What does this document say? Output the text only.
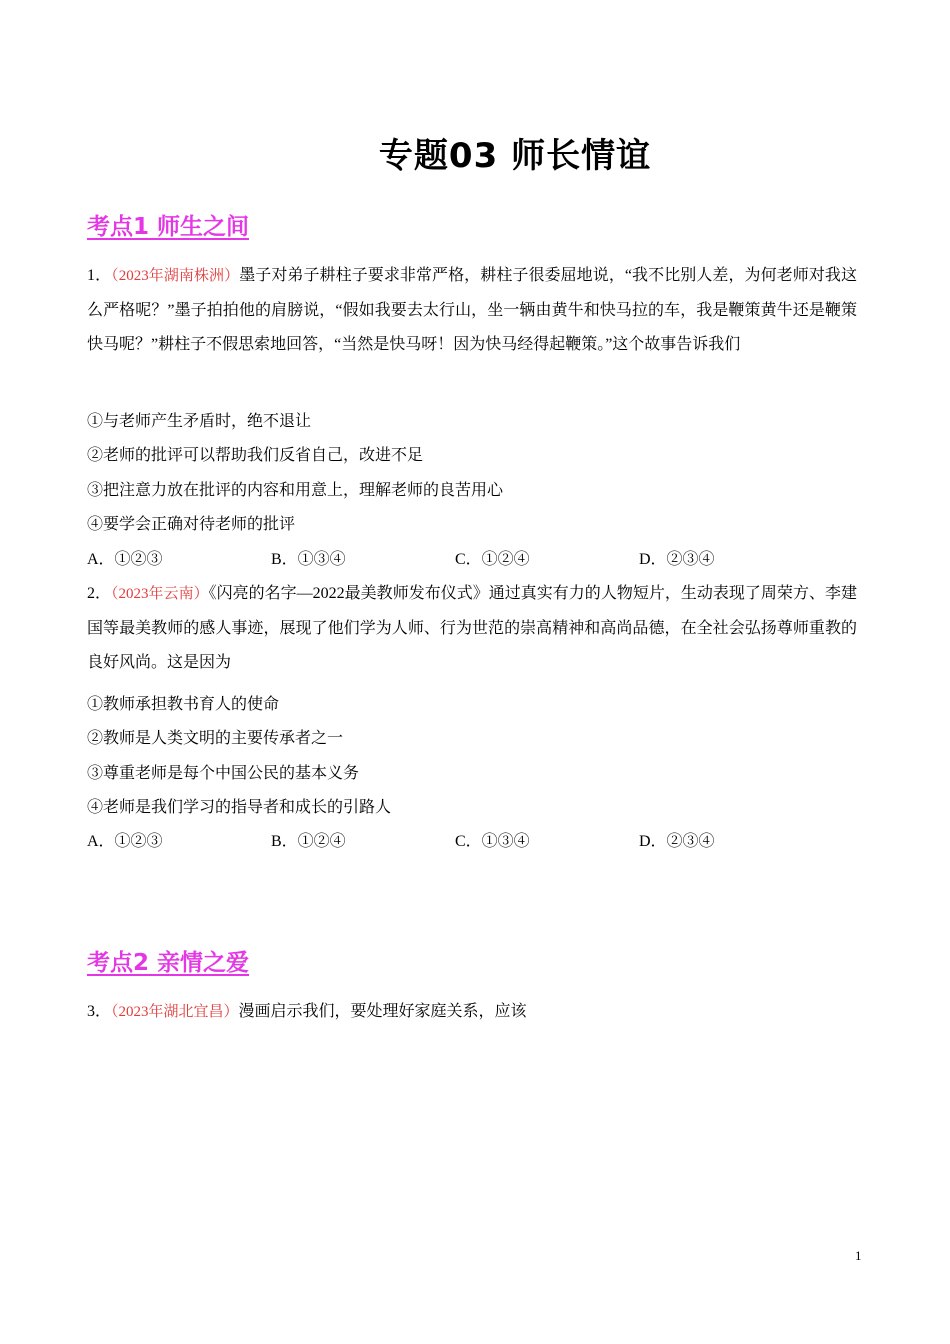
专题03 师长情谊
考点1 师生之间

1．（2023年湖南株洲）墨子对弟子耕柱子要求非常严格，耕柱子很委屈地说，“我不比别人差，为何老师对我这么严格呢？”墨子拍拍他的肩膀说，“假如我要去太行山，坐一辆由黄牛和快马拉的车，我是鞭策黄牛还是鞭策快马呢？”耕柱子不假思索地回答，“当然是快马呀！因为快马经得起鞭策。”这个故事告诉我们

①与老师产生矛盾时，绝不退让

②老师的批评可以帮助我们反省自己，改进不足

③把注意力放在批评的内容和用意上，理解老师的良苦用心

④要学会正确对待老师的批评

A．①②③	B．①③④	C．①②④	D．②③④

2．（2023年云南）《闪亮的名字—2022最美教师发布仪式》通过真实有力的人物短片，生动表现了周荣方、李建国等最美教师的感人事迹，展现了他们学为人师、行为世范的崇高精神和高尚品德，在全社会弘扬尊师重教的良好风尚。这是因为

①教师承担教书育人的使命

②教师是人类文明的主要传承者之一

③尊重老师是每个中国公民的基本义务

④老师是我们学习的指导者和成长的引路人

A．①②③	B．①②④	C．①③④	D．②③④
考点2 亲情之爱

3．（2023年湖北宜昌）漫画启示我们，要处理好家庭关系，应该

1
